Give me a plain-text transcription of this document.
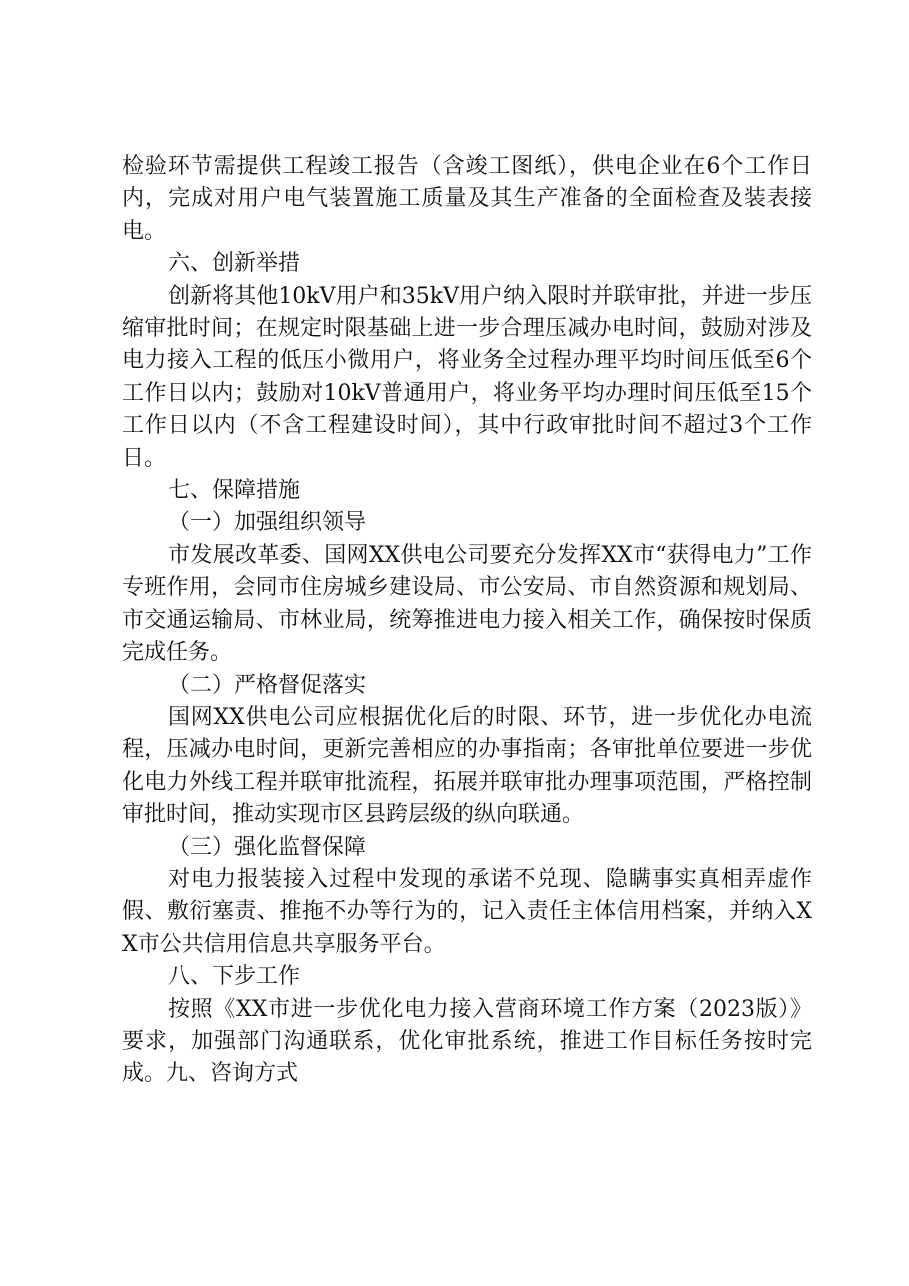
检验环节需提供工程竣工报告（含竣工图纸），供电企业在6个工作日内，完成对用户电气装置施工质量及其生产准备的全面检查及装表接电。

六、创新举措

创新将其他10kV用户和35kV用户纳入限时并联审批，并进一步压缩审批时间；在规定时限基础上进一步合理压减办电时间，鼓励对涉及电力接入工程的低压小微用户，将业务全过程办理平均时间压低至6个工作日以内；鼓励对10kV普通用户，将业务平均办理时间压低至15个工作日以内（不含工程建设时间），其中行政审批时间不超过3个工作日。

七、保障措施

（一）加强组织领导

市发展改革委、国网XX供电公司要充分发挥XX市“获得电力”工作专班作用，会同市住房城乡建设局、市公安局、市自然资源和规划局、市交通运输局、市林业局，统筹推进电力接入相关工作，确保按时保质完成任务。

（二）严格督促落实

国网XX供电公司应根据优化后的时限、环节，进一步优化办电流程，压减办电时间，更新完善相应的办事指南；各审批单位要进一步优化电力外线工程并联审批流程，拓展并联审批办理事项范围，严格控制审批时间，推动实现市区县跨层级的纵向联通。

（三）强化监督保障

对电力报装接入过程中发现的承诺不兑现、隐瞒事实真相弄虚作假、敷衍塞责、推拖不办等行为的，记入责任主体信用档案，并纳入XX市公共信用信息共享服务平台。

八、下步工作

按照《XX市进一步优化电力接入营商环境工作方案（2023版）》要求，加强部门沟通联系，优化审批系统，推进工作目标任务按时完成。九、咨询方式
